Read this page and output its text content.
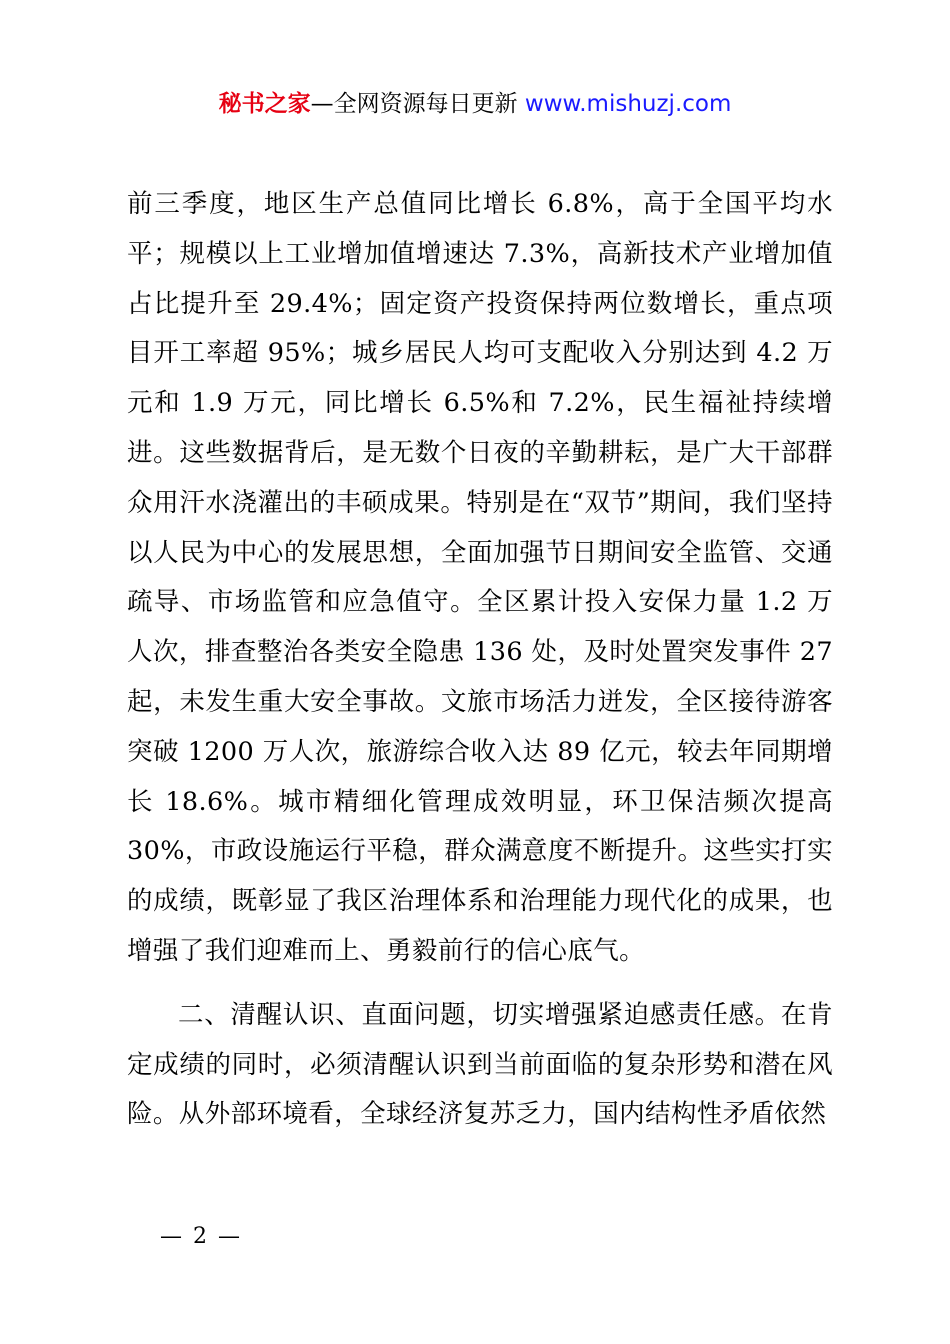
秘书之家—全网资源每日更新 www.mishuzj.com

前三季度，地区生产总值同比增长 6.8%，高于全国平均水平；规模以上工业增加值增速达 7.3%，高新技术产业增加值占比提升至 29.4%；固定资产投资保持两位数增长，重点项目开工率超 95%；城乡居民人均可支配收入分别达到 4.2 万元和 1.9 万元，同比增长 6.5%和 7.2%，民生福祉持续增进。这些数据背后，是无数个日夜的辛勤耕耘，是广大干部群众用汗水浇灌出的丰硕成果。特别是在“双节”期间，我们坚持以人民为中心的发展思想，全面加强节日期间安全监管、交通疏导、市场监管和应急值守。全区累计投入安保力量 1.2 万人次，排查整治各类安全隐患 136 处，及时处置突发事件 27 起，未发生重大安全事故。文旅市场活力迸发，全区接待游客突破 1200 万人次，旅游综合收入达 89 亿元，较去年同期增长 18.6%。城市精细化管理成效明显，环卫保洁频次提高 30%，市政设施运行平稳，群众满意度不断提升。这些实打实的成绩，既彰显了我区治理体系和治理能力现代化的成果，也增强了我们迎难而上、勇毅前行的信心底气。

二、清醒认识、直面问题，切实增强紧迫感责任感。在肯定成绩的同时，必须清醒认识到当前面临的复杂形势和潜在风险。从外部环境看，全球经济复苏乏力，国内结构性矛盾依然

— 2 —
